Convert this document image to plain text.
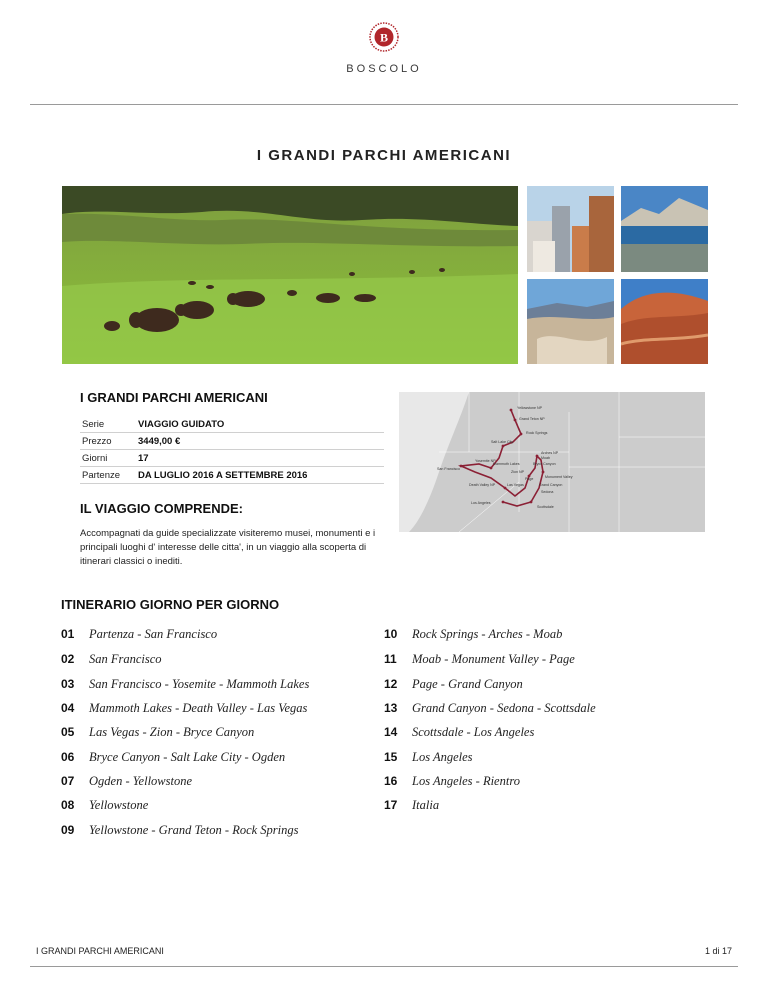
B
BOSCOLO
I GRANDI PARCHI AMERICANI
I GRANDI PARCHI AMERICANI
Serie	VIAGGIO GUIDATO
Prezzo	3449,00 €
Giorni	17
Partenze	DA LUGLIO 2016 A SETTEMBRE 2016
IL VIAGGIO COMPRENDE:
Accompagnati da guide specializzate visiteremo musei, monumenti e i principali luoghi d' interesse delle citta', in un viaggio alla scoperta di itinerari classici o inediti.
Yellowstone NP
Grand Teton NP
Rock Springs
Salt Lake City
Arches NP
Moab
Yosemite NP
San Francisco
Mammoth Lakes
Zion NP
Bryce Canyon
Page	Monument Valley
Death Valley NP	Las Vegas	Grand Canyon
Sedona
Los Angeles
Scottsdale
ITINERARIO GIORNO PER GIORNO
01 Partenza - San Francisco
02 San Francisco
03 San Francisco - Yosemite - Mammoth Lakes
04 Mammoth Lakes - Death Valley - Las Vegas
05 Las Vegas - Zion - Bryce Canyon
06 Bryce Canyon - Salt Lake City - Ogden
07 Ogden - Yellowstone
08 Yellowstone
09 Yellowstone - Grand Teton - Rock Springs
10 Rock Springs - Arches - Moab
11 Moab - Monument Valley - Page
12 Page - Grand Canyon
13 Grand Canyon - Sedona - Scottsdale
14 Scottsdale - Los Angeles
15 Los Angeles
16 Los Angeles - Rientro
17 Italia
I GRANDI PARCHI AMERICANI	1 di 17
